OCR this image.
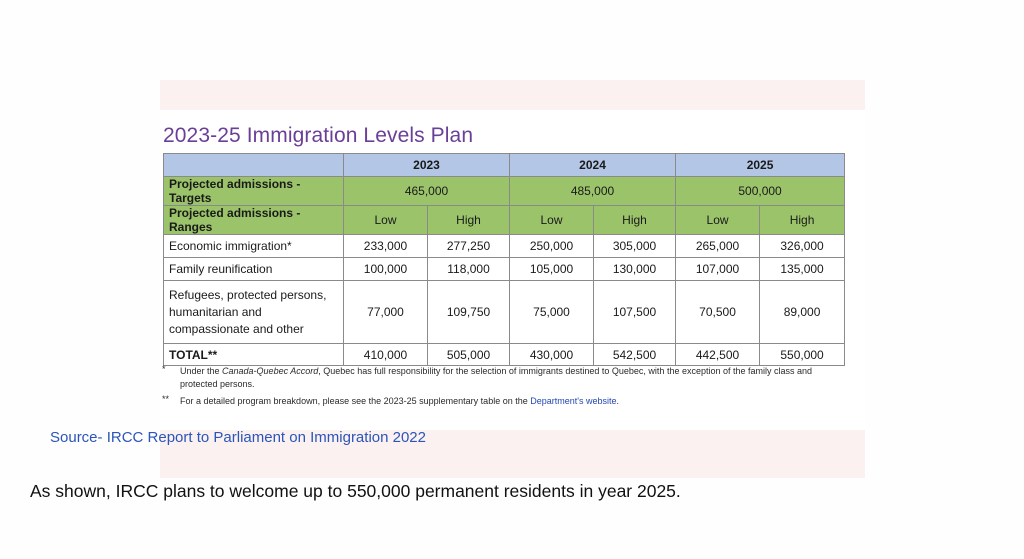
2023-25 Immigration Levels Plan
	2023		2024		2025	
Projected admissions - Targets	465,000		485,000		500,000	
Projected admissions - Ranges	Low	High	Low	High	Low	High
Economic immigration*	233,000	277,250	250,000	305,000	265,000	326,000
Family reunification	100,000	118,000	105,000	130,000	107,000	135,000
Refugees, protected persons, humanitarian and compassionate and other	77,000	109,750	75,000	107,500	70,500	89,000
TOTAL**	410,000	505,000	430,000	542,500	442,500	550,000
* Under the Canada-Quebec Accord, Quebec has full responsibility for the selection of immigrants destined to Quebec, with the exception of the family class and protected persons.
** For a detailed program breakdown, please see the 2023-25 supplementary table on the Department's website.
Source- IRCC Report to Parliament on Immigration 2022
As shown, IRCC plans to welcome up to 550,000 permanent residents in year 2025.
